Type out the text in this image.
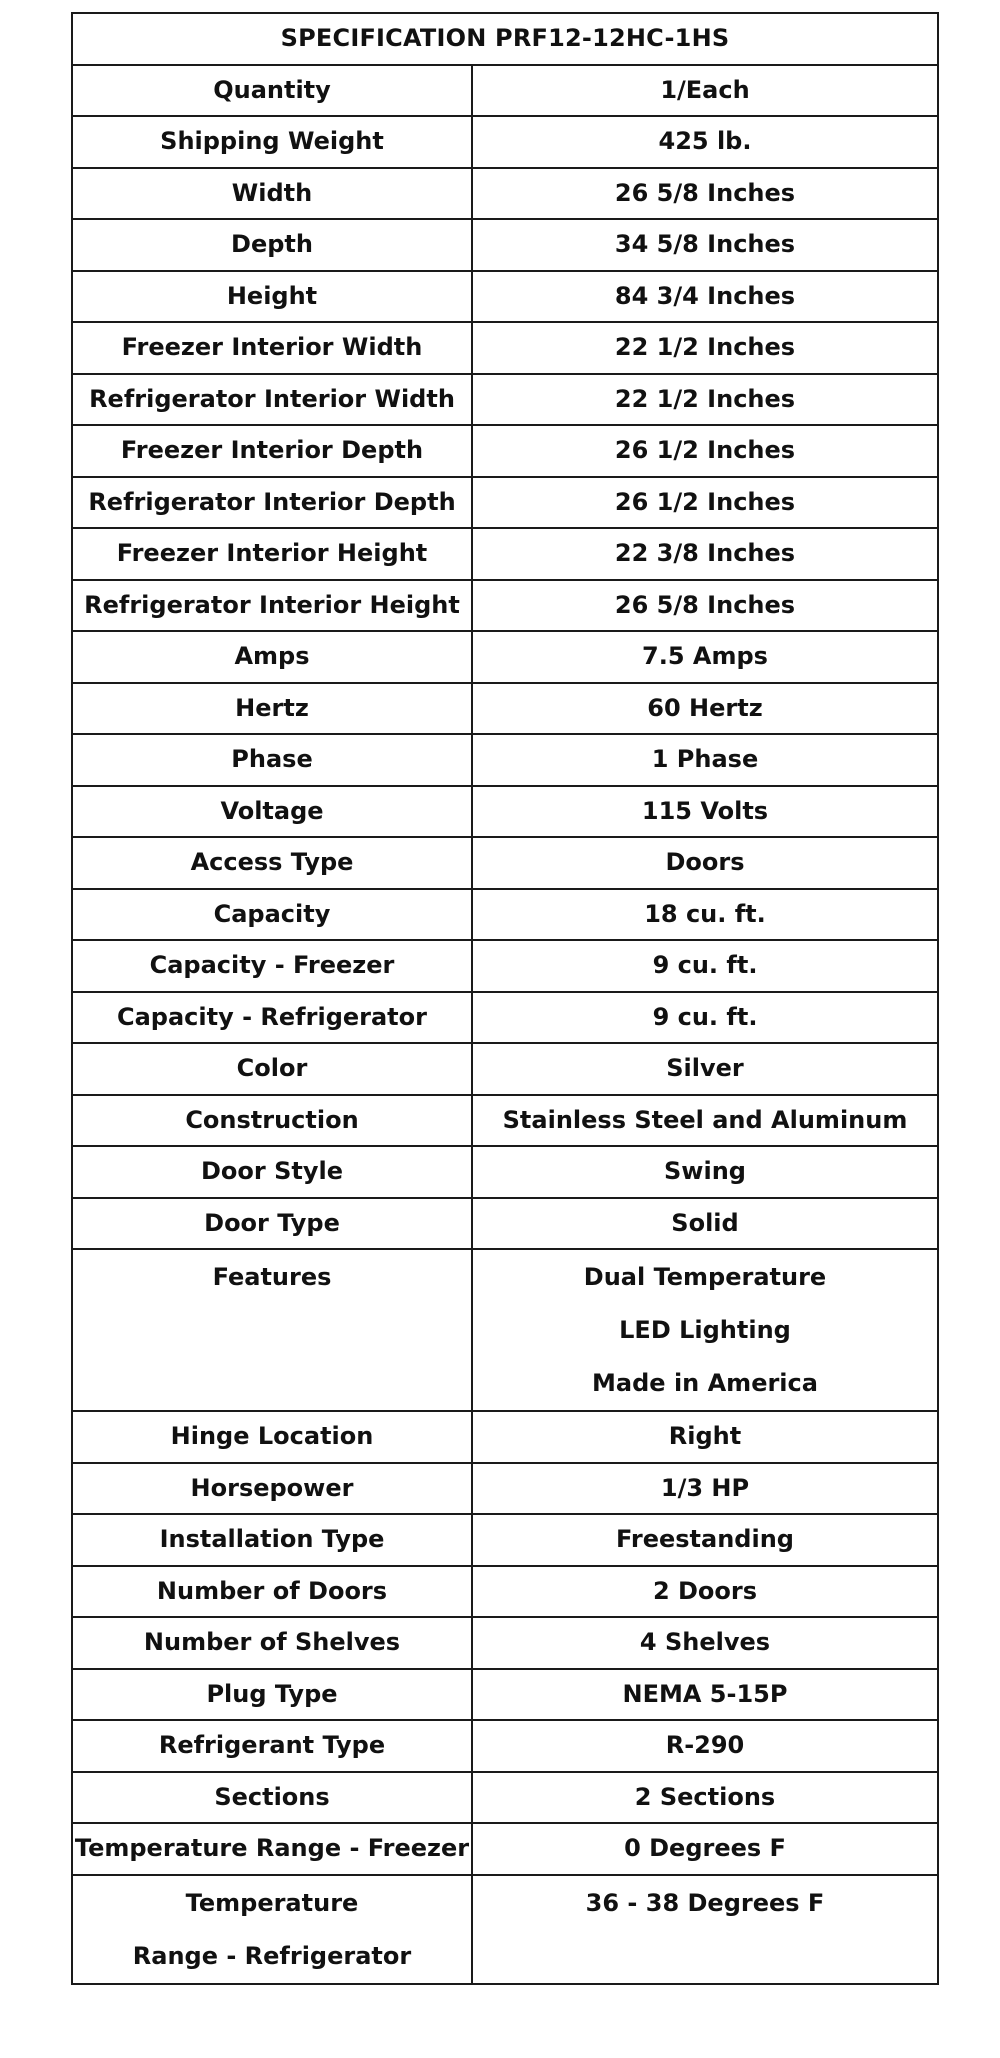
SPECIFICATION PRF12-12HC-1HS	
Quantity	1/Each
Shipping Weight	425 lb.
Width	26 5/8 Inches
Depth	34 5/8 Inches
Height	84 3/4 Inches
Freezer Interior Width	22 1/2 Inches
Refrigerator Interior Width	22 1/2 Inches
Freezer Interior Depth	26 1/2 Inches
Refrigerator Interior Depth	26 1/2 Inches
Freezer Interior Height	22 3/8 Inches
Refrigerator Interior Height	26 5/8 Inches
Amps	7.5 Amps
Hertz	60 Hertz
Phase	1 Phase
Voltage	115 Volts
Access Type	Doors
Capacity	18 cu. ft.
Capacity - Freezer	9 cu. ft.
Capacity - Refrigerator	9 cu. ft.
Color	Silver
Construction	Stainless Steel and Aluminum
Door Style	Swing
Door Type	Solid

Features	Dual Temperature
LED Lighting
Made in America

Hinge Location	Right
Horsepower	1/3 HP
Installation Type	Freestanding
Number of Doors	2 Doors
Number of Shelves	4 Shelves
Plug Type	NEMA 5-15P
Refrigerant Type	R-290
Sections	2 Sections
Temperature Range - Freezer	0 Degrees F

Temperature
Range - Refrigerator	36 - 38 Degrees F
